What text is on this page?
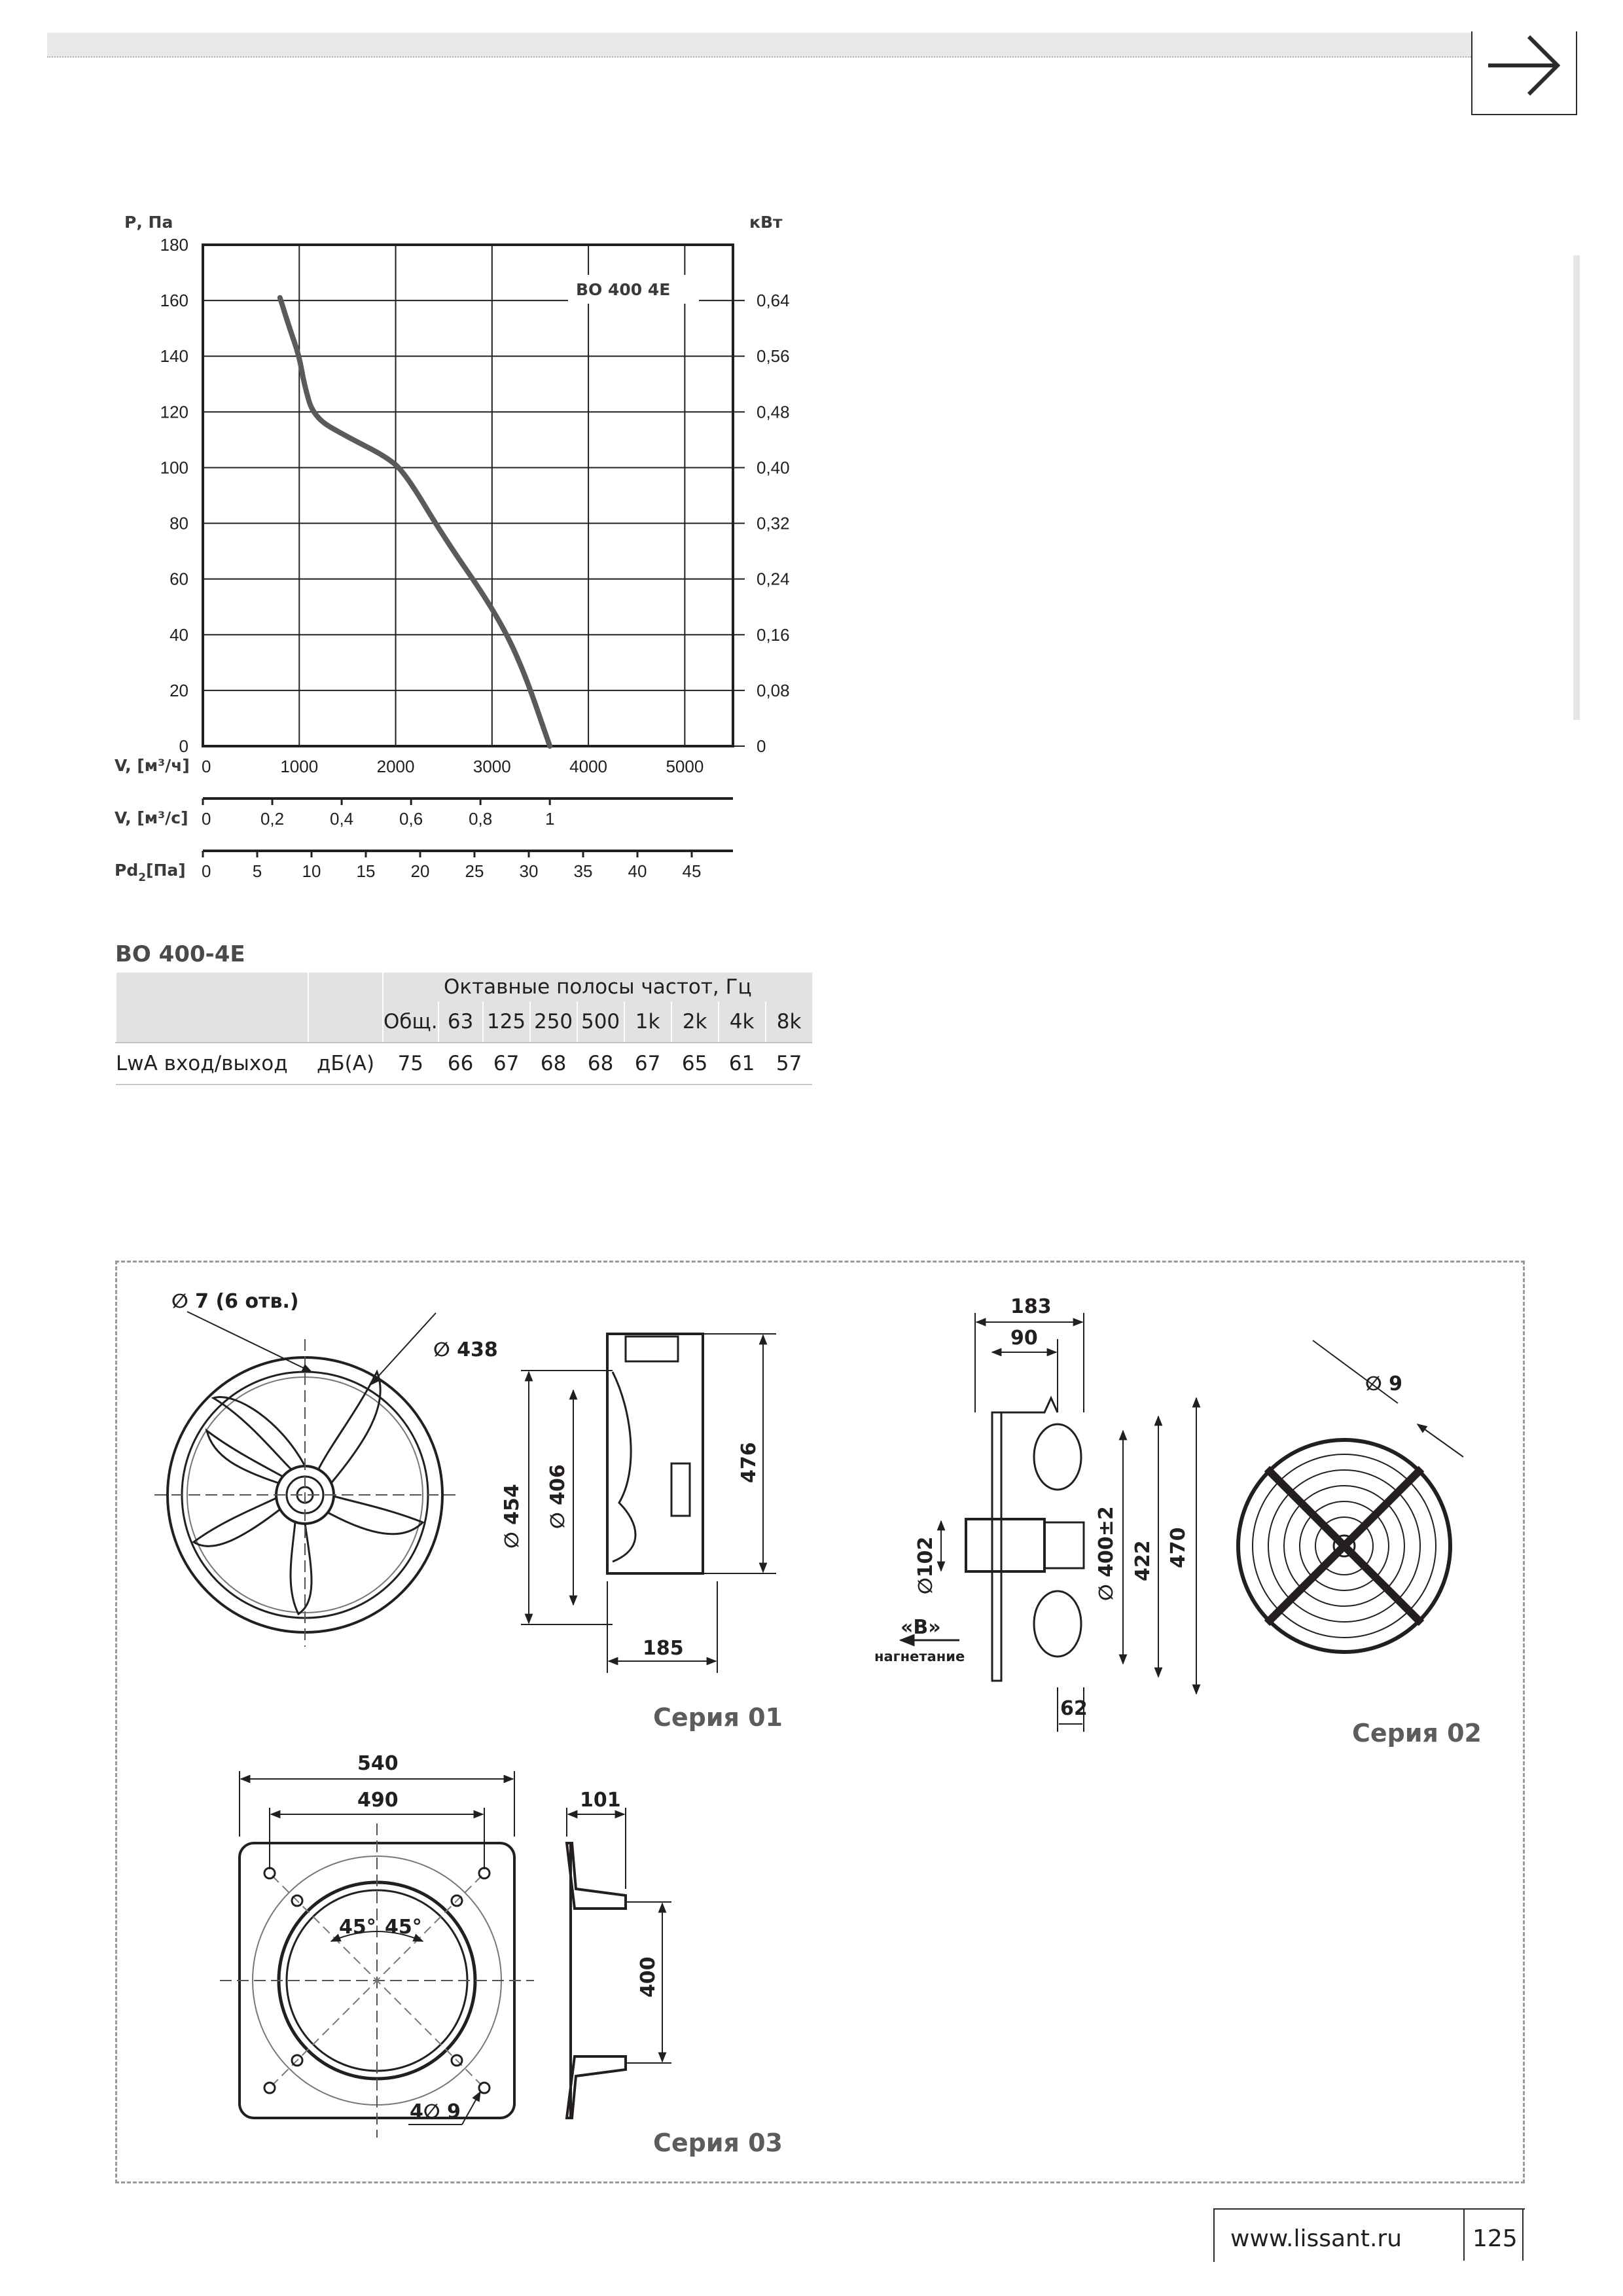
Р, Па	кВт
0
20
40
60
80
100
120
140
160
180
0
0,08
0,16
0,24
0,32
0,40
0,48
0,56
0,64
V, [м³/ч] 0	1000	2000	3000	4000	5000
V, [м³/с] 0	0,2	0,4	0,6	0,8	1
$Pd_2[Па]$ 0 5 10 15 20 25 30 35 40 45
ВО 400 4Е
ВО 400-4Е
		Октавные полосы частот, Гц								
		Общ.	63	125	250	500	1k	2k	4k	8k
LwA вход/выход	дБ(А)	75	66	67	68	68	67	65	61	57
∅ 7 (6 отв.)
∅ 438
∅ 454 ∅ 406
476
185
183
90
∅102	∅ 400±2 422 470
62
«В»
нагнетание
∅ 9
540
490
45° 45°
4∅ 9
101
400
Серия 01
Серия 02
Серия 03
www.lissant.ru	125
